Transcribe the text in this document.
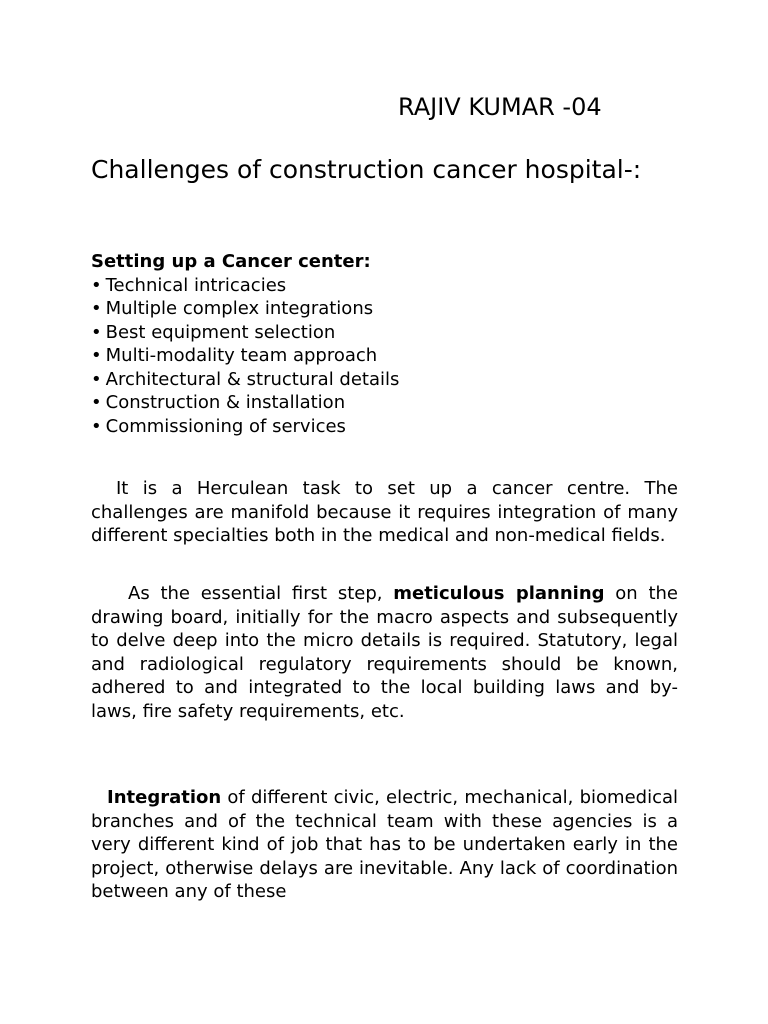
RAJIV KUMAR -04
Challenges of construction cancer hospital-:

Setting up a Cancer center:

• Technical intricacies
• Multiple complex integrations
• Best equipment selection
• Multi-modality team approach
• Architectural & structural details
• Construction & installation
• Commissioning of services

It is a Herculean task to set up a cancer centre. The challenges are manifold because it requires integration of many different specialties both in the medical and non-medical fields.

As the essential first step, meticulous planning on the drawing board, initially for the macro aspects and subsequently to delve deep into the micro details is required. Statutory, legal and radiological regulatory requirements should be known, adhered to and integrated to the local building laws and by-laws, fire safety requirements, etc.

Integration of different civic, electric, mechanical, biomedical branches and of the technical team with these agencies is a very different kind of job that has to be undertaken early in the project, otherwise delays are inevitable. Any lack of coordination between any of these
